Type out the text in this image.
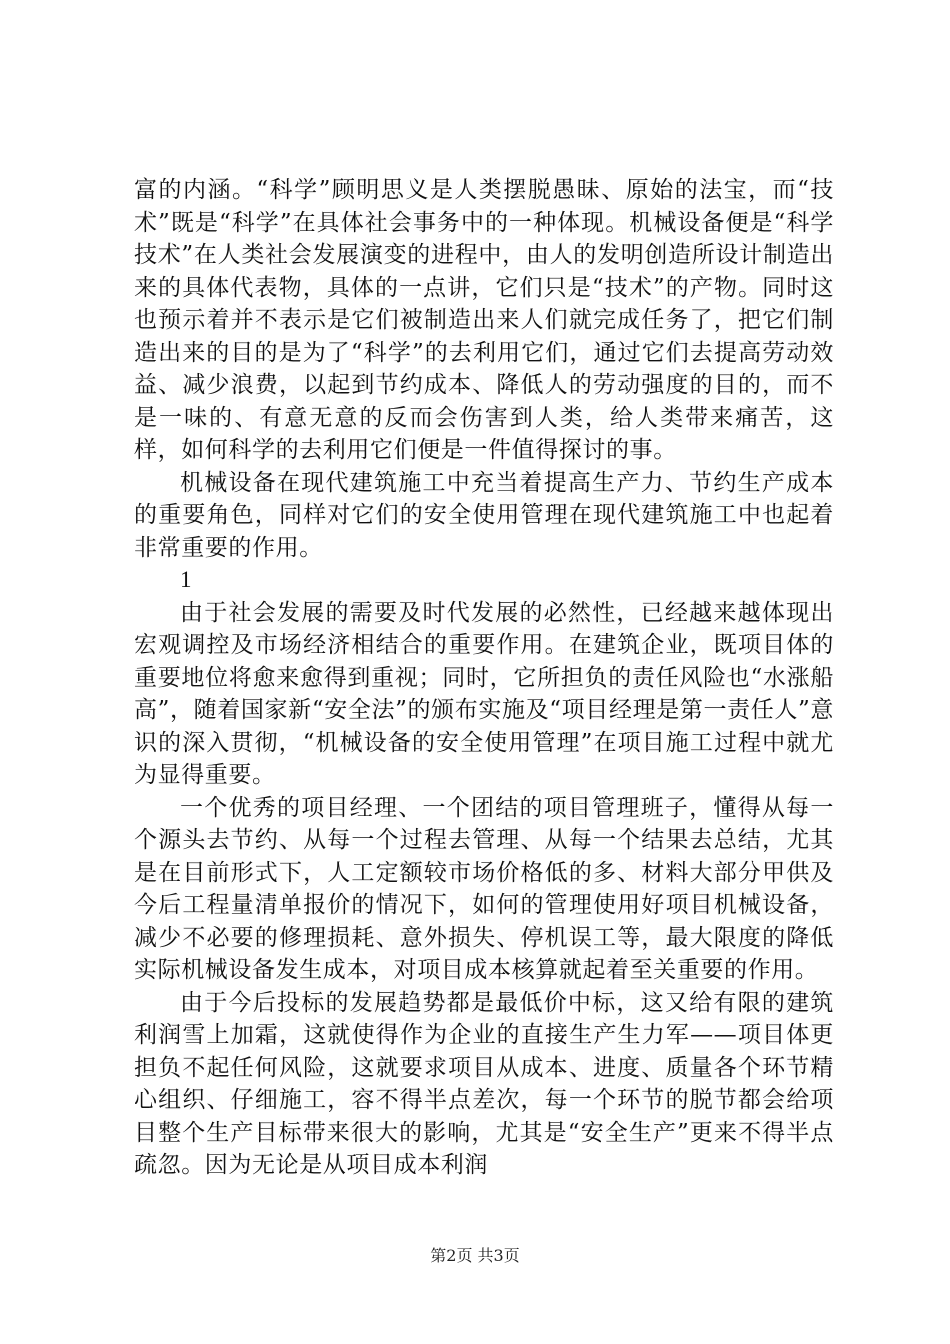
富的内涵。“科学”顾明思义是人类摆脱愚昧、原始的法宝，而“技术”既是“科学”在具体社会事务中的一种体现。机械设备便是“科学技术”在人类社会发展演变的进程中，由人的发明创造所设计制造出来的具体代表物，具体的一点讲，它们只是“技术”的产物。同时这也预示着并不表示是它们被制造出来人们就完成任务了，把它们制造出来的目的是为了“科学”的去利用它们，通过它们去提高劳动效益、减少浪费，以起到节约成本、降低人的劳动强度的目的，而不是一味的、有意无意的反而会伤害到人类，给人类带来痛苦，这样，如何科学的去利用它们便是一件值得探讨的事。

机械设备在现代建筑施工中充当着提高生产力、节约生产成本的重要角色，同样对它们的安全使用管理在现代建筑施工中也起着非常重要的作用。

1

由于社会发展的需要及时代发展的必然性，已经越来越体现出宏观调控及市场经济相结合的重要作用。在建筑企业，既项目体的重要地位将愈来愈得到重视；同时，它所担负的责任风险也“水涨船高”，随着国家新“安全法”的颁布实施及“项目经理是第一责任人”意识的深入贯彻，“机械设备的安全使用管理”在项目施工过程中就尤为显得重要。

一个优秀的项目经理、一个团结的项目管理班子，懂得从每一个源头去节约、从每一个过程去管理、从每一个结果去总结，尤其是在目前形式下，人工定额较市场价格低的多、材料大部分甲供及今后工程量清单报价的情况下，如何的管理使用好项目机械设备，减少不必要的修理损耗、意外损失、停机误工等，最大限度的降低实际机械设备发生成本，对项目成本核算就起着至关重要的作用。

由于今后投标的发展趋势都是最低价中标，这又给有限的建筑利润雪上加霜，这就使得作为企业的直接生产生力军——项目体更担负不起任何风险，这就要求项目从成本、进度、质量各个环节精心组织、仔细施工，容不得半点差次，每一个环节的脱节都会给项目整个生产目标带来很大的影响，尤其是“安全生产”更来不得半点疏忽。因为无论是从项目成本利润

第2页 共3页
